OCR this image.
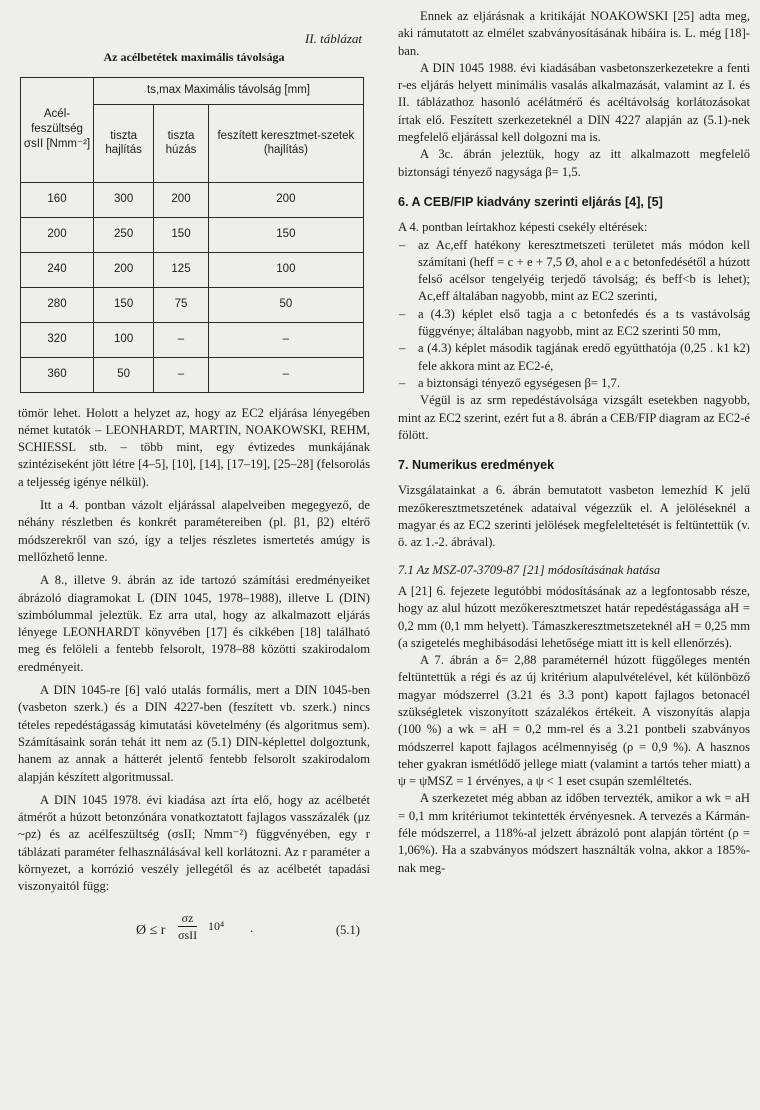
II. táblázat
Az acélbetétek maximális távolsága
Acél-feszültség σsII [Nmm⁻²]	ts,max Maximális távolság [mm]		
	tiszta hajlítás	tiszta húzás	feszített keresztmet-szetek (hajlítás)
160	300	200	200
200	250	150	150
240	200	125	100
280	150	75	50
320	100	–	–
360	50	–	–

tömör lehet. Holott a helyzet az, hogy az EC2 eljárása lényegében német kutatók – LEONHARDT, MARTIN, NOAKOWSKI, REHM, SCHIESSL stb. – több mint, egy évtizedes munkájának szintéziseként jött létre [4–5], [10], [14], [17–19], [25–28] (felsorolás a teljesség igénye nélkül).

Itt a 4. pontban vázolt eljárással alapelveiben megegyező, de néhány részletben és konkrét paramétereiben (pl. β1, β2) eltérő módszerekről van szó, így a teljes részletes ismertetés amúgy is mellőzhető lenne.

A 8., illetve 9. ábrán az ide tartozó számítási eredményeiket ábrázoló diagramokat L (DIN 1045, 1978–1988), illetve L (DIN) szimbólummal jeleztük. Ez arra utal, hogy az alkalmazott eljárás lényege LEONHARDT könyvében [17] és cikkében [18] található meg és felöleli a fentebb felsorolt, 1978–88 közötti szakirodalom eredményeit.

A DIN 1045-re [6] való utalás formális, mert a DIN 1045-ben (vasbeton szerk.) és a DIN 4227-ben (feszített vb. szerk.) nincs tételes repedéstágasság kimutatási követelmény (és algoritmus sem). Számításaink során tehát itt nem az (5.1) DIN-képlettel dolgoztunk, hanem az annak a hátterét jelentő fentebb felsorolt szakirodalom alapján készített algoritmussal.

A DIN 1045 1978. évi kiadása azt írta elő, hogy az acélbetét átmérőt a húzott betonzónára vonatkoztatott fajlagos vasszázalék (μz ~ρz) és az acélfeszültség (σsII; Nmm⁻²) függvényében, egy r táblázati paraméter felhasználásával kell korlátozni. Az r paraméter a környezet, a korrózió veszély jellegétől és az acélbetét tapadási viszonyaitól függ:

Ø ≤ r
σz
σsII
10⁴ .	(5.1)

Ennek az eljárásnak a kritikáját NOAKOWSKI [25] adta meg, aki rámutatott az elmélet szabványosításának hibáira is. L. még [18]-ban.

A DIN 1045 1988. évi kiadásában vasbetonszerkezetekre a fenti r-es eljárás helyett minimális vasalás alkalmazását, valamint az I. és II. táblázathoz hasonló acélátmérő és acéltávolság korlátozásokat írtak elő. Feszített szerkezeteknél a DIN 4227 alapján az (5.1)-nek megfelelő eljárással kell dolgozni ma is.

A 3c. ábrán jeleztük, hogy az itt alkalmazott megfelelő biztonsági tényező nagysága β= 1,5.

6. A CEB/FIP kiadvány szerinti eljárás [4], [5]

A 4. pontban leírtakhoz képesti csekély eltérések:

– az Ac,eff hatékony keresztmetszeti területet más módon kell számítani (heff = c + e + 7,5 Ø, ahol e a c betonfedésétől a húzott felső acélsor tengelyéig terjedő távolság; és beff<b is lehet); Ac,eff általában nagyobb, mint az EC2 szerinti,
– a (4.3) képlet első tagja a c betonfedés és a ts vastávolság függvénye; általában nagyobb, mint az EC2 szerinti 50 mm,
– a (4.3) képlet második tagjának eredő együtthatója (0,25 . k1 k2) fele akkora mint az EC2-é,
– a biztonsági tényező egységesen β= 1,7.

Végül is az srm repedéstávolsága vizsgált esetekben nagyobb, mint az EC2 szerint, ezért fut a 8. ábrán a CEB/FIP diagram az EC2-é fölött.

7. Numerikus eredmények

Vizsgálatainkat a 6. ábrán bemutatott vasbeton lemezhíd K jelű mezőkeresztmetszetének adataival végezzük el. A jelöléseknél a magyar és az EC2 szerinti jelölések megfeleltetését is feltüntettük (v. ö. az 1.-2. ábrával).

7.1 Az MSZ-07-3709-87 [21] módosításának hatása

A [21] 6. fejezete legutóbbi módosításának az a legfontosabb része, hogy az alul húzott mezőkeresztmetszet határ repedéstágassága aH = 0,2 mm (0,1 mm helyett). Támaszkeresztmetszeteknél aH = 0,25 mm (a szigetelés meghibásodási lehetősége miatt itt is kell ellenőrzés).

A 7. ábrán a δ= 2,88 paraméternél húzott függőleges mentén feltüntettük a régi és az új kritérium alapulvételével, két különböző magyar módszerrel (3.21 és 3.3 pont) kapott fajlagos betonacél szükségletek viszonyított százalékos értékeit. A viszonyítás alapja (100 %) a wk = aH = 0,2 mm-rel és a 3.21 pontbeli szabványos módszerrel kapott fajlagos acélmennyiség (ρ = 0,9 %). A hasznos teher gyakran ismétlődő jellege miatt (valamint a tartós teher miatt) a ψ = ψMSZ = 1 érvényes, a ψ < 1 eset csupán szemléltetés.

A szerkezetet még abban az időben tervezték, amikor a wk = aH = 0,1 mm kritériumot tekintették érvényesnek. A tervezés a Kármán-féle módszerrel, a 118%-al jelzett ábrázoló pont alapján történt (ρ = 1,06%). Ha a szabványos módszert használták volna, akkor a 185%-nak meg-
